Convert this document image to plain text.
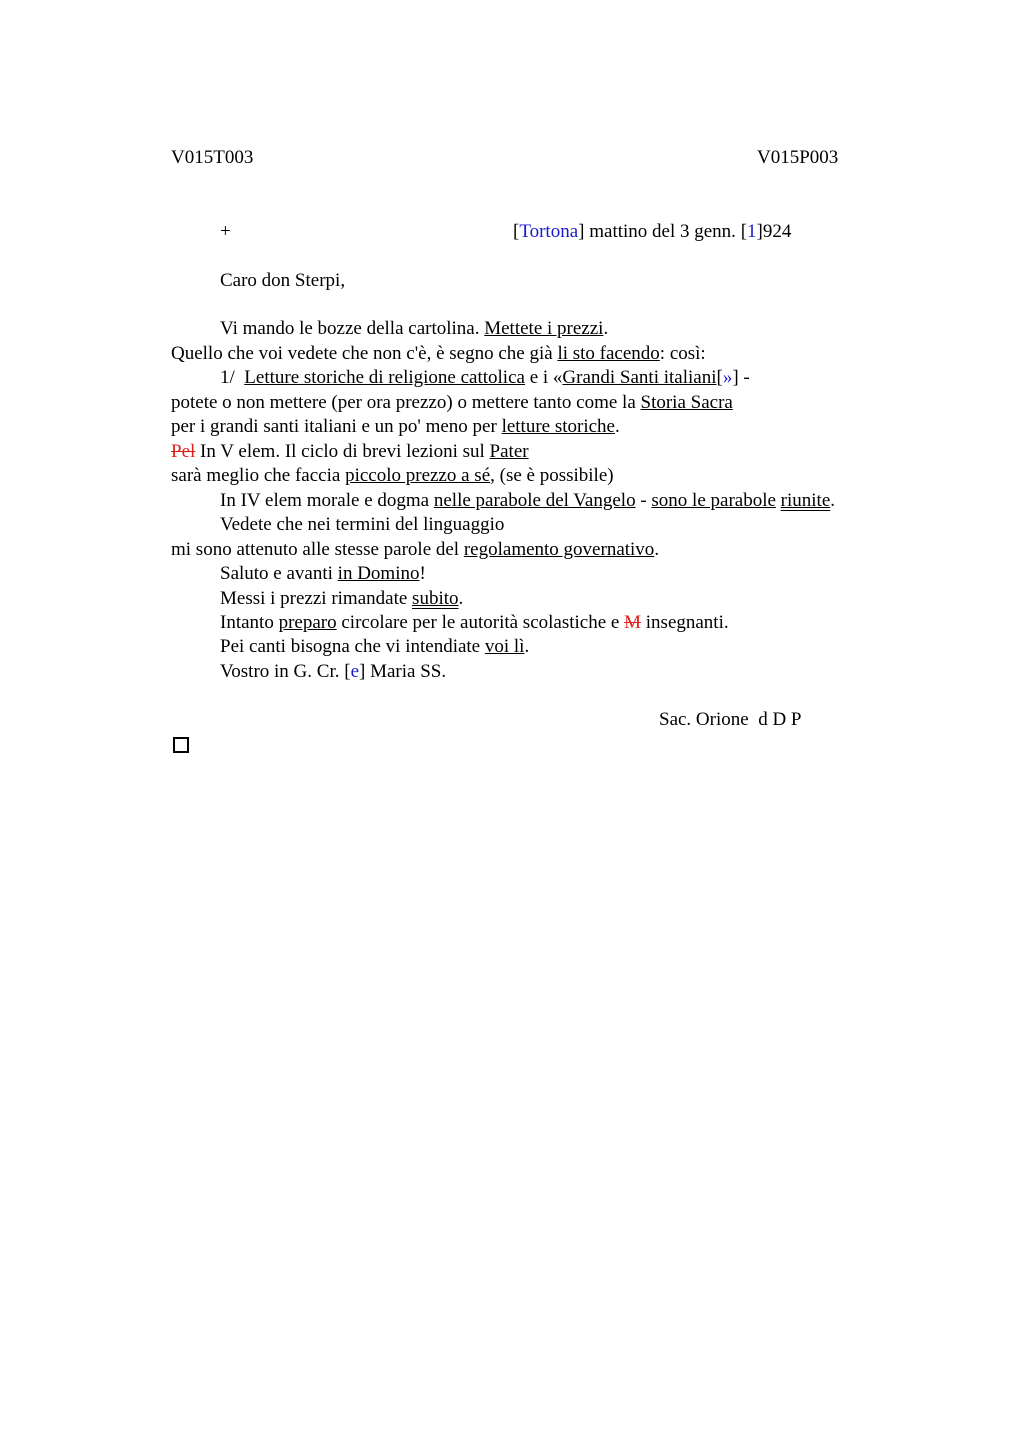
V015T003	V015P003
+	[Tortona] mattino del 3 genn. [1]924
Caro don Sterpi,
Vi mando le bozze della cartolina. Mettete i prezzi.
Quello che voi vedete che non c'è, è segno che già li sto facendo: così:
1/  Letture storiche di religione cattolica e i «Grandi Santi italiani[»] -
potete o non mettere (per ora prezzo) o mettere tanto come la Storia Sacra
per i grandi santi italiani e un po' meno per letture storiche.
Pel In V elem. Il ciclo di brevi lezioni sul Pater
sarà meglio che faccia piccolo prezzo a sé, (se è possibile)
In IV elem morale e dogma nelle parabole del Vangelo - sono le parabole riunite.
Vedete che nei termini del linguaggio
mi sono attenuto alle stesse parole del regolamento governativo.
Saluto e avanti in Domino!
Messi i prezzi rimandate subito.
Intanto preparo circolare per le autorità scolastiche e M insegnanti.
Pei canti bisogna che vi intendiate voi lì.
Vostro in G. Cr. [e] Maria SS.
Sac. Orione  d D P
